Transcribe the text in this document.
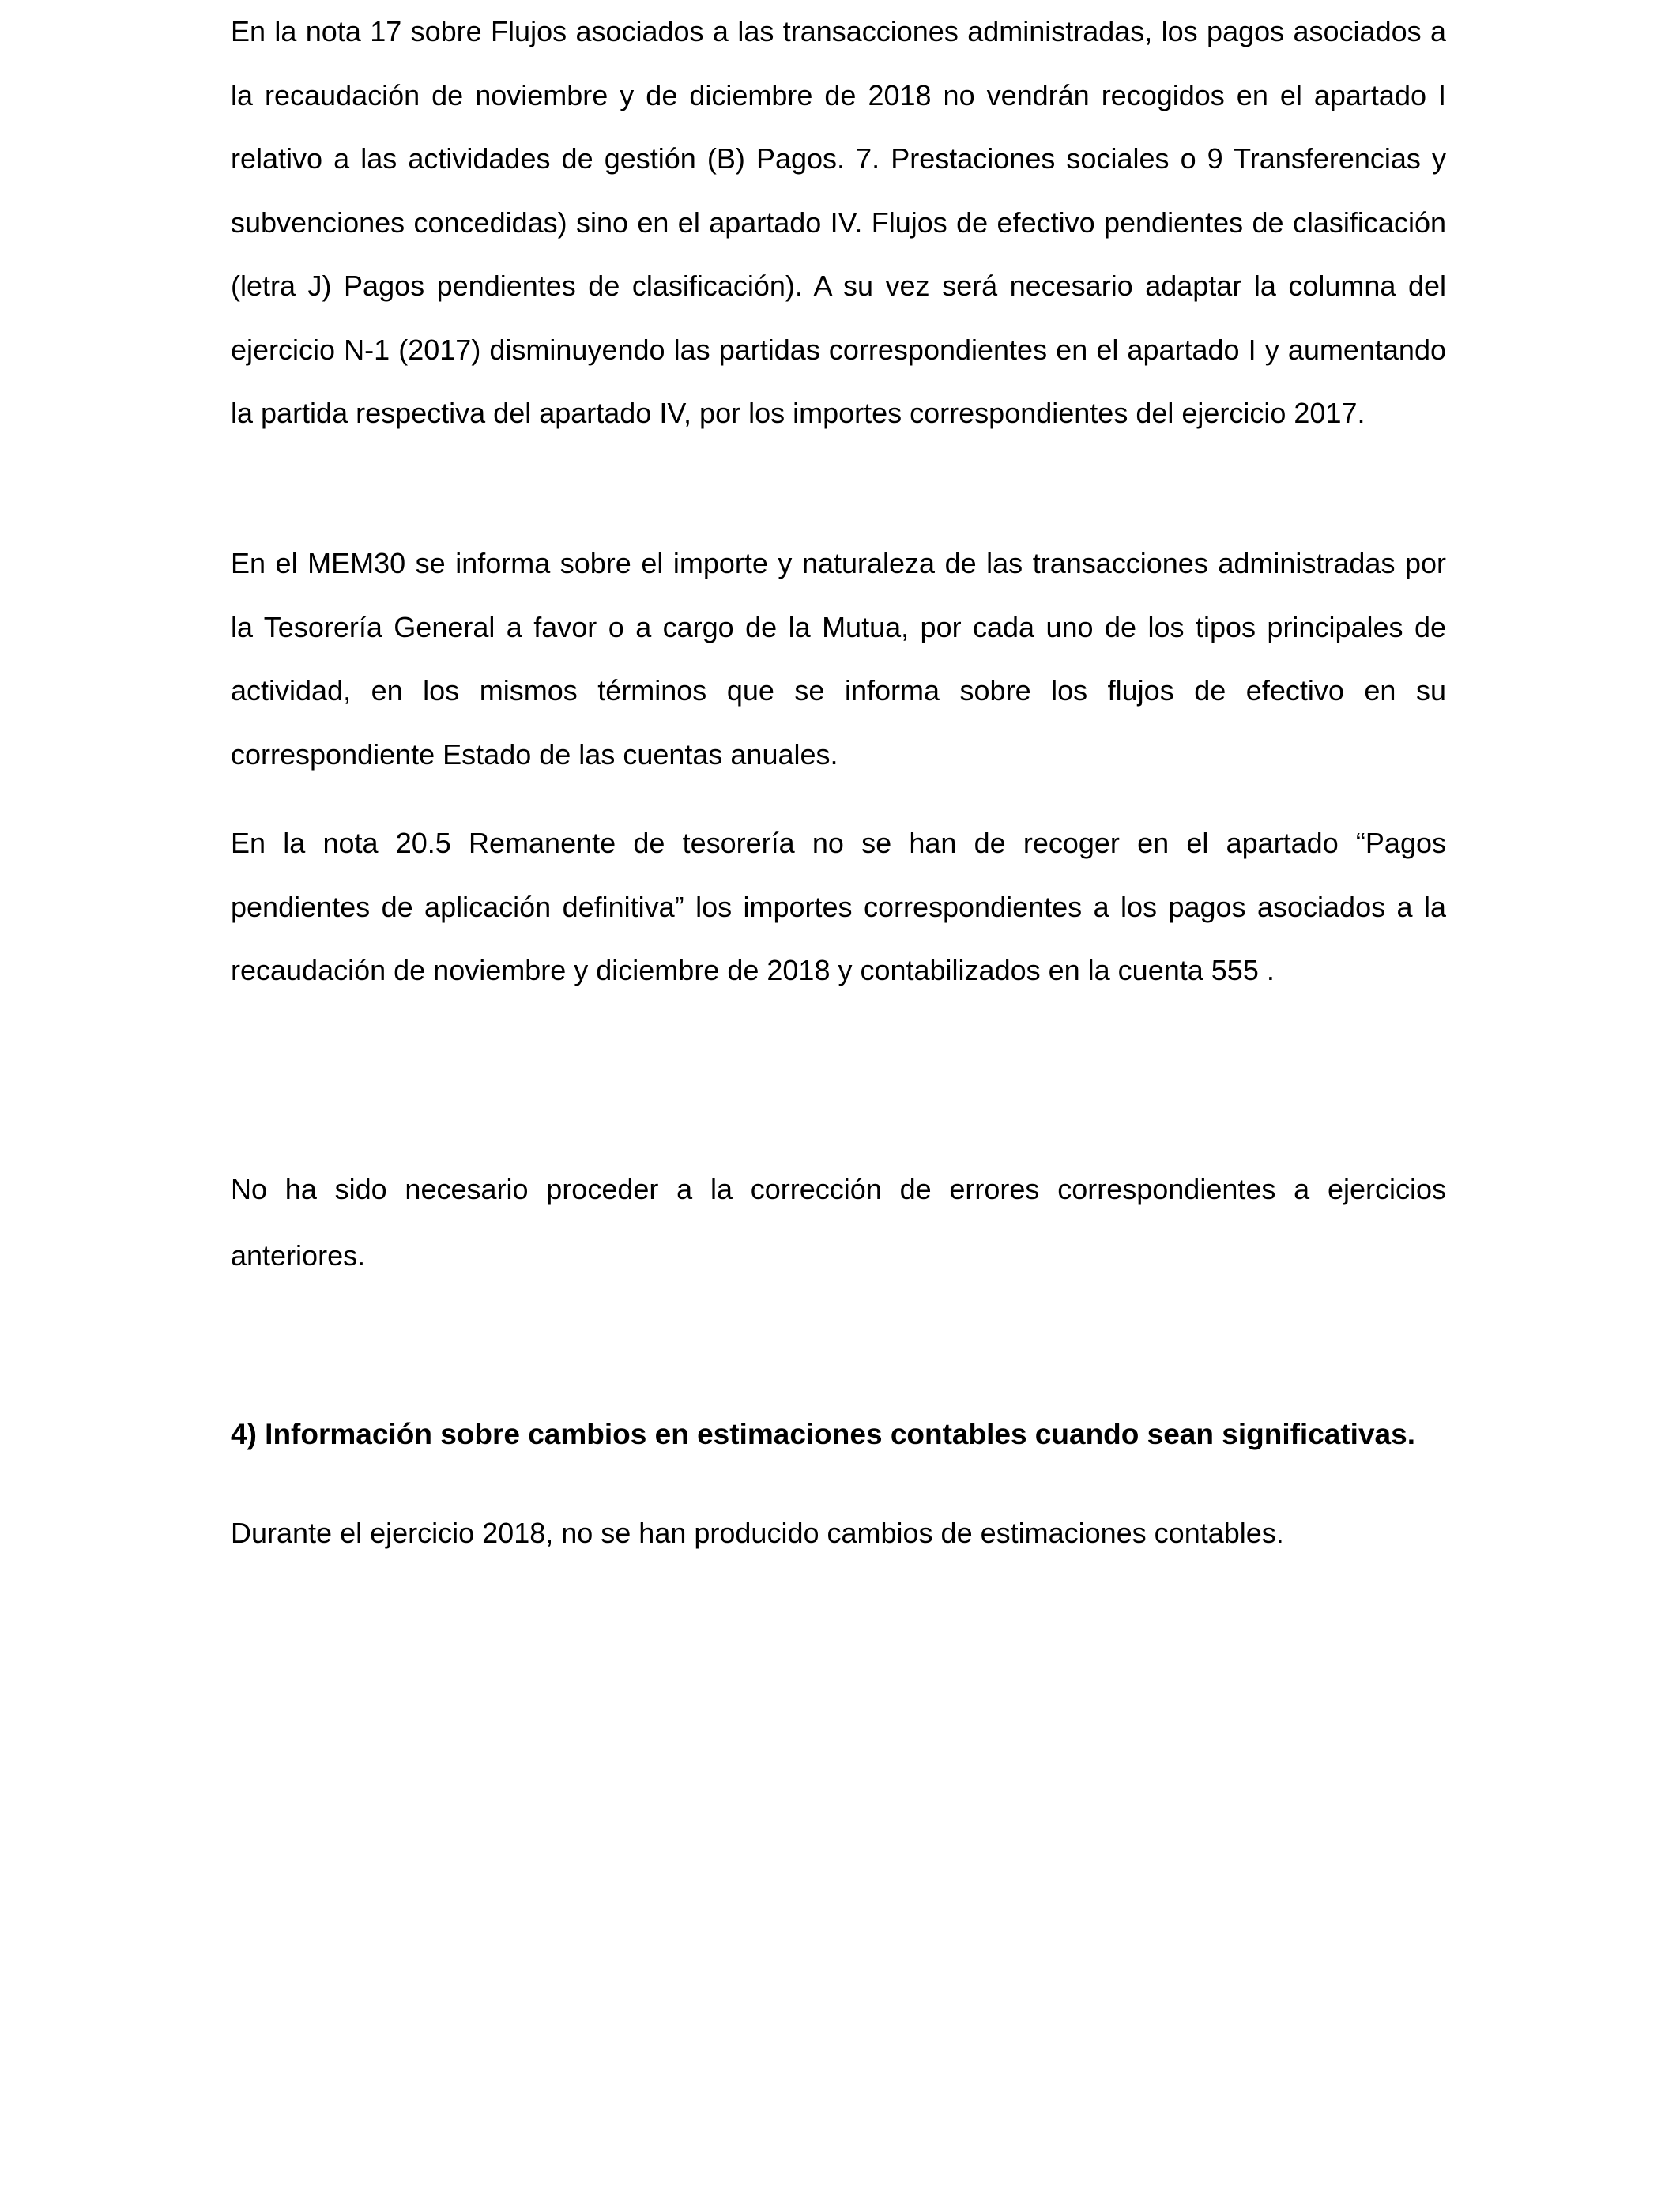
En la nota 17 sobre Flujos asociados a las transacciones administradas, los pagos asociados a la recaudación de noviembre y de diciembre de 2018 no vendrán recogidos en el apartado I relativo a las actividades de gestión (B) Pagos. 7. Prestaciones sociales o 9 Transferencias y subvenciones concedidas) sino en el apartado IV. Flujos de efectivo pendientes de clasificación (letra J) Pagos pendientes de clasificación). A su vez será necesario adaptar la columna del ejercicio N-1 (2017) disminuyendo las partidas correspondientes en el apartado I y aumentando la partida respectiva del apartado IV, por los importes correspondientes del ejercicio 2017.

En el MEM30 se informa sobre el importe y naturaleza de las transacciones administradas por la Tesorería General a favor o a cargo de la Mutua, por cada uno de los tipos principales de actividad, en los mismos términos que se informa sobre los flujos de efectivo en su correspondiente Estado de las cuentas anuales.

En la nota 20.5 Remanente de tesorería no se han de recoger en el apartado “Pagos pendientes de aplicación definitiva” los importes correspondientes a los pagos asociados a la recaudación de noviembre y diciembre de 2018 y contabilizados en la cuenta 555 .

No ha sido necesario proceder a la corrección de errores correspondientes a ejercicios anteriores.

4) Información sobre cambios en estimaciones contables cuando sean significativas.

Durante el ejercicio 2018, no se han producido cambios de estimaciones contables.
